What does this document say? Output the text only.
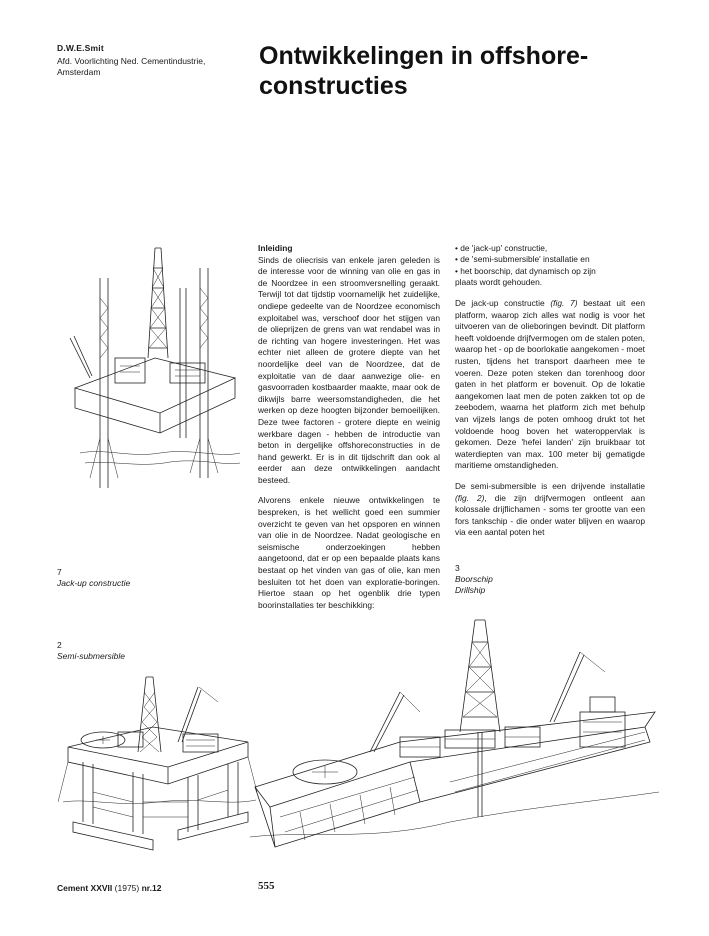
D.W.E.Smit
Afd. Voorlichting Ned. Cementindustrie,
Amsterdam
Ontwikkelingen in offshore-
constructies
7
Jack-up constructie
2
Semi-submersible

Inleiding
Sinds de oliecrisis van enkele jaren geleden is de interesse voor de winning van olie en gas in de Noordzee in een stroomversnelling geraakt. Terwijl tot dat tijdstip voornamelijk het zuidelijke, ondiepe gedeelte van de Noordzee economisch exploitabel was, verschoof door het stijgen van de olieprijzen de grens van wat rendabel was in de richting van hogere investeringen. Het was echter niet alleen de grotere diepte van het noordelijke deel van de Noordzee, dat de exploitatie van de daar aanwezige olie- en gasvoorraden kostbaarder maakte, maar ook de dikwijls barre weersomstandigheden, die het werken op deze hoogten bijzonder bemoeilijken. Deze twee factoren - grotere diepte en weinig werkbare dagen - hebben de introductie van beton in dergelijke offshoreconstructies in de hand gewerkt. Er is in dit tijdschrift dan ook al eerder aan deze ontwikkelingen aandacht besteed.

Alvorens enkele nieuwe ontwikkelingen te bespreken, is het wellicht goed een summier overzicht te geven van het opsporen en winnen van olie in de Noordzee. Nadat geologische en seismische onderzoekingen hebben aangetoond, dat er op een bepaalde plaats kans bestaat op het vinden van gas of olie, kan men besluiten tot het doen van exploratie-boringen. Hiertoe staan op het ogenblik drie typen boorinstallaties ter beschikking:

• de 'jack-up' constructie,
• de 'semi-submersible' installatie en
• het boorschip, dat dynamisch op zijn
plaats wordt gehouden.

De jack-up constructie (fig. 7) bestaat uit een platform, waarop zich alles wat nodig is voor het uitvoeren van de olieboringen bevindt. Dit platform heeft voldoende drijfvermogen om de stalen poten, waarop het - op de boorlokatie aangekomen - moet rusten, tijdens het transport daarheen mee te voeren. Deze poten steken dan torenhoog door gaten in het platform er bovenuit. Op de lokatie aangekomen laat men de poten zakken tot op de zeebodem, waarna het platform zich met behulp van vijzels langs de poten omhoog drukt tot het voldoende hoog boven het wateroppervlak is gekomen. Deze 'hefei landen' zijn bruikbaar tot waterdiepten van max. 100 meter bij gematigde maritieme omstandigheden.

De semi-submersible is een drijvende installatie (fig. 2), die zijn drijfvermogen ontleent aan kolossale drijflichamen - soms ter grootte van een fors tankschip - die onder water blijven en waarop via een aantal poten het

3
Boorschip
Drillship
Cement XXVII (1975) nr.12	555
